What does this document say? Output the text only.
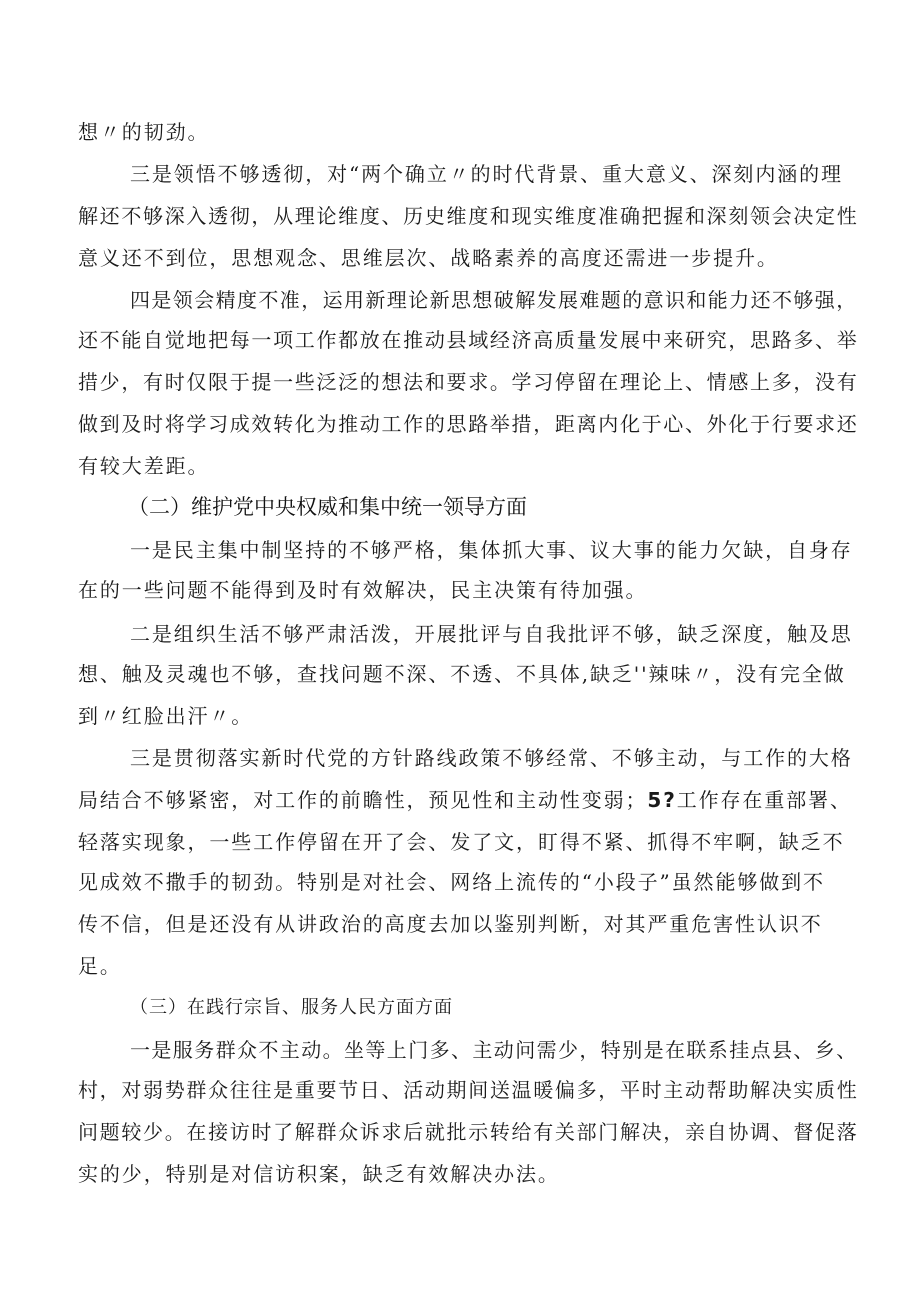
想〃的韧劲。
三是领悟不够透彻，对“两个确立〃的时代背景、重大意义、深刻内涵的理
解还不够深入透彻，从理论维度、历史维度和现实维度准确把握和深刻领会决定性
意义还不到位，思想观念、思维层次、战略素养的高度还需进一步提升。
四是领会精度不准，运用新理论新思想破解发展难题的意识和能力还不够强，
还不能自觉地把每一项工作都放在推动县域经济高质量发展中来研究，思路多、举
措少，有时仅限于提一些泛泛的想法和要求。学习停留在理论上、情感上多，没有
做到及时将学习成效转化为推动工作的思路举措，距离内化于心、外化于行要求还
有较大差距。
（二）维护党中央权威和集中统一领导方面
一是民主集中制坚持的不够严格，集体抓大事、议大事的能力欠缺，自身存
在的一些问题不能得到及时有效解决，民主决策有待加强。
二是组织生活不够严肃活泼，开展批评与自我批评不够，缺乏深度，触及思
想、触及灵魂也不够，查找问题不深、不透、不具体,缺乏''辣味〃，没有完全做
到〃红脸出汗〃。
三是贯彻落实新时代党的方针路线政策不够经常、不够主动，与工作的大格
局结合不够紧密，对工作的前瞻性，预见性和主动性变弱；5?工作存在重部署、
轻落实现象，一些工作停留在开了会、发了文，盯得不紧、抓得不牢啊，缺乏不
见成效不撒手的韧劲。特别是对社会、网络上流传的“小段子”虽然能够做到不
传不信，但是还没有从讲政治的高度去加以鉴别判断，对其严重危害性认识不
足。
（三）在践行宗旨、服务人民方面方面
一是服务群众不主动。坐等上门多、主动问需少，特别是在联系挂点县、乡、
村，对弱势群众往往是重要节日、活动期间送温暖偏多，平时主动帮助解决实质性
问题较少。在接访时了解群众诉求后就批示转给有关部门解决，亲自协调、督促落
实的少，特别是对信访积案，缺乏有效解决办法。
